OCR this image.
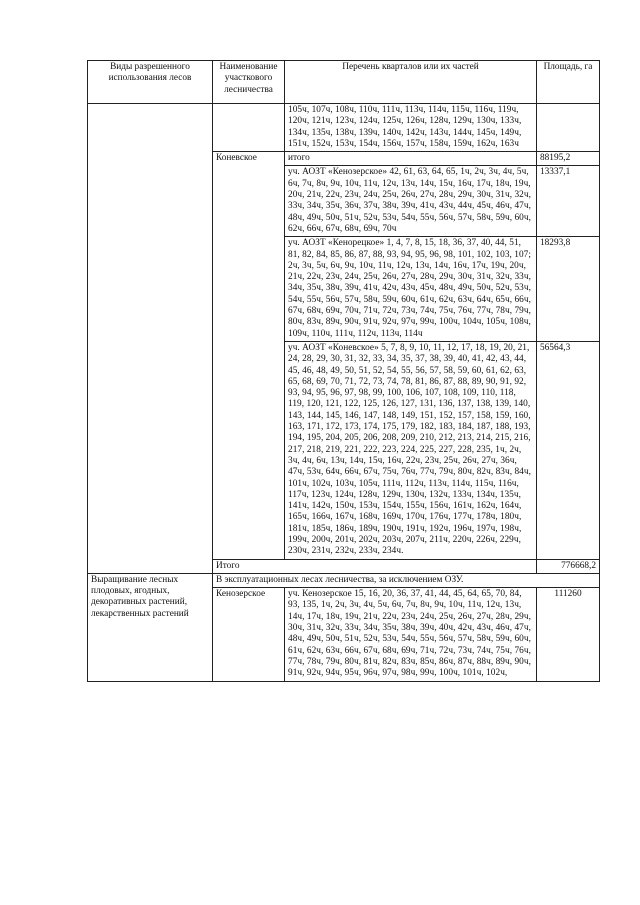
Виды разрешенного использования лесов	Наименование участкового лесничества	Перечень кварталов или их частей	Площадь, га
		105ч, 107ч, 108ч, 110ч, 111ч, 113ч, 114ч, 115ч, 116ч, 119ч, 120ч, 121ч, 123ч, 124ч, 125ч, 126ч, 128ч, 129ч, 130ч, 133ч, 134ч, 135ч, 138ч, 139ч, 140ч, 142ч, 143ч, 144ч, 145ч, 149ч, 151ч, 152ч, 153ч, 154ч, 156ч, 157ч, 158ч, 159ч, 162ч, 163ч	
	Коневское	итого	88195,2
		уч. АОЗТ «Кенозерское» 42, 61, 63, 64, 65, 1ч, 2ч, 3ч, 4ч, 5ч, 6ч, 7ч, 8ч, 9ч, 10ч, 11ч, 12ч, 13ч, 14ч, 15ч, 16ч, 17ч, 18ч, 19ч, 20ч, 21ч, 22ч, 23ч, 24ч, 25ч, 26ч, 27ч, 28ч, 29ч, 30ч, 31ч, 32ч, 33ч, 34ч, 35ч, 36ч, 37ч, 38ч, 39ч, 41ч, 43ч, 44ч, 45ч, 46ч, 47ч, 48ч, 49ч, 50ч, 51ч, 52ч, 53ч, 54ч, 55ч, 56ч, 57ч, 58ч, 59ч, 60ч, 62ч, 66ч, 67ч, 68ч, 69ч, 70ч	13337,1
		уч. АОЗТ «Кенорецкое» 1, 4, 7, 8, 15, 18, 36, 37, 40, 44, 51, 81, 82, 84, 85, 86, 87, 88, 93, 94, 95, 96, 98, 101, 102, 103, 107; 2ч, 3ч, 5ч, 6ч, 9ч, 10ч, 11ч, 12ч, 13ч, 14ч, 16ч, 17ч, 19ч, 20ч, 21ч, 22ч, 23ч, 24ч, 25ч, 26ч, 27ч, 28ч, 29ч, 30ч, 31ч, 32ч, 33ч, 34ч, 35ч, 38ч, 39ч, 41ч, 42ч, 43ч, 45ч, 48ч, 49ч, 50ч, 52ч, 53ч, 54ч, 55ч, 56ч, 57ч, 58ч, 59ч, 60ч, 61ч, 62ч, 63ч, 64ч, 65ч, 66ч, 67ч, 68ч, 69ч, 70ч, 71ч, 72ч, 73ч, 74ч, 75ч, 76ч, 77ч, 78ч, 79ч, 80ч, 83ч, 89ч, 90ч, 91ч, 92ч, 97ч, 99ч, 100ч, 104ч, 105ч, 108ч, 109ч, 110ч, 111ч, 112ч, 113ч, 114ч	18293,8
		уч. АОЗТ «Коневское» 5, 7, 8, 9, 10, 11, 12, 17, 18, 19, 20, 21, 24, 28, 29, 30, 31, 32, 33, 34, 35, 37, 38, 39, 40, 41, 42, 43, 44, 45, 46, 48, 49, 50, 51, 52, 54, 55, 56, 57, 58, 59, 60, 61, 62, 63, 65, 68, 69, 70, 71, 72, 73, 74, 78, 81, 86, 87, 88, 89, 90, 91, 92, 93, 94, 95, 96, 97, 98, 99, 100, 106, 107, 108, 109, 110, 118, 119, 120, 121, 122, 125, 126, 127, 131, 136, 137, 138, 139, 140, 143, 144, 145, 146, 147, 148, 149, 151, 152, 157, 158, 159, 160, 163, 171, 172, 173, 174, 175, 179, 182, 183, 184, 187, 188, 193, 194, 195, 204, 205, 206, 208, 209, 210, 212, 213, 214, 215, 216, 217, 218, 219, 221, 222, 223, 224, 225, 227, 228, 235, 1ч, 2ч, 3ч, 4ч, 6ч, 13ч, 14ч, 15ч, 16ч, 22ч, 23ч, 25ч, 26ч, 27ч, 36ч, 47ч, 53ч, 64ч, 66ч, 67ч, 75ч, 76ч, 77ч, 79ч, 80ч, 82ч, 83ч, 84ч, 101ч, 102ч, 103ч, 105ч, 111ч, 112ч, 113ч, 114ч, 115ч, 116ч, 117ч, 123ч, 124ч, 128ч, 129ч, 130ч, 132ч, 133ч, 134ч, 135ч, 141ч, 142ч, 150ч, 153ч, 154ч, 155ч, 156ч, 161ч, 162ч, 164ч, 165ч, 166ч, 167ч, 168ч, 169ч, 170ч, 176ч, 177ч, 178ч, 180ч, 181ч, 185ч, 186ч, 189ч, 190ч, 191ч, 192ч, 196ч, 197ч, 198ч, 199ч, 200ч, 201ч, 202ч, 203ч, 207ч, 211ч, 220ч, 226ч, 229ч, 230ч, 231ч, 232ч, 233ч, 234ч.	56564,3
	Итого		776668,2
Выращивание лесных плодовых, ягодных, декоративных растений, лекарственных растений	В эксплуатационных лесах лесничества, за исключением ОЗУ.		
	Кенозерское	уч. Кенозерское 15, 16, 20, 36, 37, 41, 44, 45, 64, 65, 70, 84, 93, 135, 1ч, 2ч, 3ч, 4ч, 5ч, 6ч, 7ч, 8ч, 9ч, 10ч, 11ч, 12ч, 13ч, 14ч, 17ч, 18ч, 19ч, 21ч, 22ч, 23ч, 24ч, 25ч, 26ч, 27ч, 28ч, 29ч, 30ч, 31ч, 32ч, 33ч, 34ч, 35ч, 38ч, 39ч, 40ч, 42ч, 43ч, 46ч, 47ч, 48ч, 49ч, 50ч, 51ч, 52ч, 53ч, 54ч, 55ч, 56ч, 57ч, 58ч, 59ч, 60ч, 61ч, 62ч, 63ч, 66ч, 67ч, 68ч, 69ч, 71ч, 72ч, 73ч, 74ч, 75ч, 76ч, 77ч, 78ч, 79ч, 80ч, 81ч, 82ч, 83ч, 85ч, 86ч, 87ч, 88ч, 89ч, 90ч, 91ч, 92ч, 94ч, 95ч, 96ч, 97ч, 98ч, 99ч, 100ч, 101ч, 102ч,	111260
